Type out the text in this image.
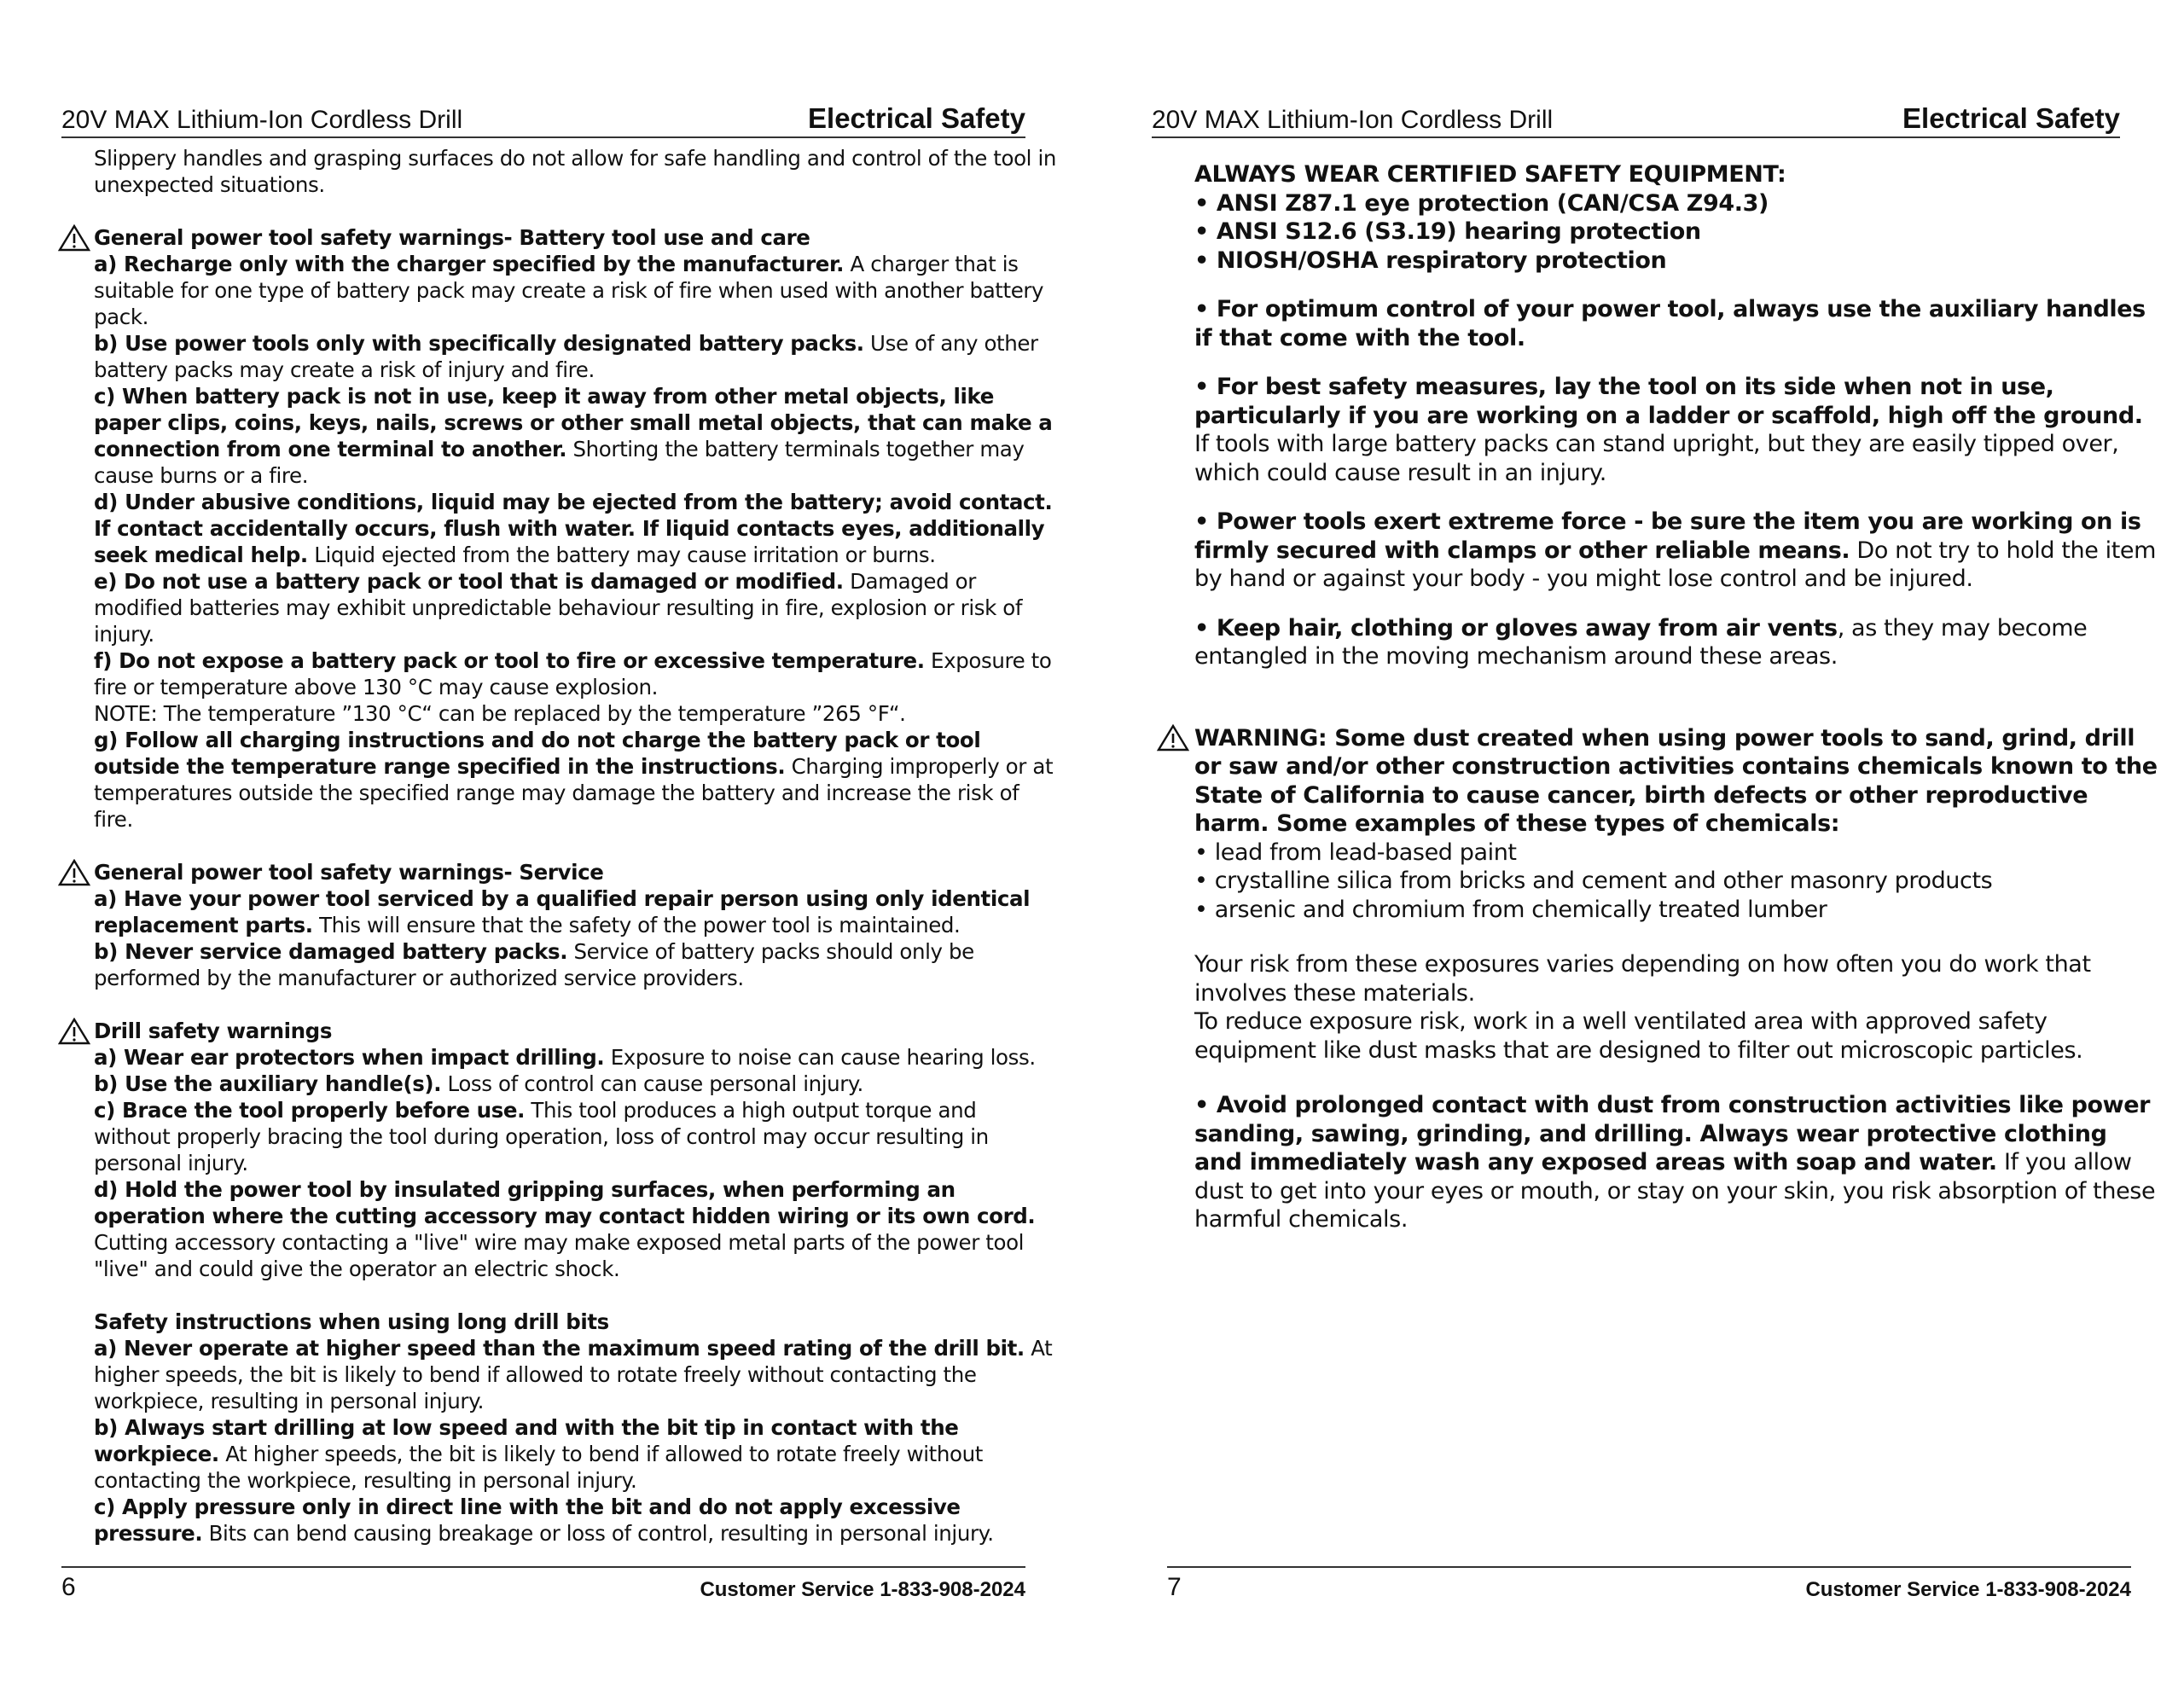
20V MAX Lithium-Ion Cordless Drill	Electrical Safety

Slippery handles and grasping surfaces do not allow for safe handling and control of the tool in unexpected situations.

General power tool safety warnings- Battery tool use and care

a) Recharge only with the charger specified by the manufacturer. A charger that is suitable for one type of battery pack may create a risk of fire when used with another battery pack.

b) Use power tools only with specifically designated battery packs. Use of any other battery packs may create a risk of injury and fire.

c) When battery pack is not in use, keep it away from other metal objects, like paper clips, coins, keys, nails, screws or other small metal objects, that can make a connection from one terminal to another. Shorting the battery terminals together may cause burns or a fire.

d) Under abusive conditions, liquid may be ejected from the battery; avoid contact. If contact accidentally occurs, flush with water. If liquid contacts eyes, additionally seek medical help. Liquid ejected from the battery may cause irritation or burns.

e) Do not use a battery pack or tool that is damaged or modified. Damaged or modified batteries may exhibit unpredictable behaviour resulting in fire, explosion or risk of injury.

f) Do not expose a battery pack or tool to fire or excessive temperature. Exposure to fire or temperature above 130 °C may cause explosion.

NOTE: The temperature ”130 °C“ can be replaced by the temperature ”265 °F“.

g) Follow all charging instructions and do not charge the battery pack or tool outside the temperature range specified in the instructions. Charging improperly or at temperatures outside the specified range may damage the battery and increase the risk of fire.

General power tool safety warnings- Service

a) Have your power tool serviced by a qualified repair person using only identical replacement parts. This will ensure that the safety of the power tool is maintained.

b) Never service damaged battery packs. Service of battery packs should only be performed by the manufacturer or authorized service providers.

Drill safety warnings

a) Wear ear protectors when impact drilling. Exposure to noise can cause hearing loss.

b) Use the auxiliary handle(s). Loss of control can cause personal injury.

c) Brace the tool properly before use. This tool produces a high output torque and without properly bracing the tool during operation, loss of control may occur resulting in personal injury.

d) Hold the power tool by insulated gripping surfaces, when performing an operation where the cutting accessory may contact hidden wiring or its own cord. Cutting accessory contacting a "live" wire may make exposed metal parts of the power tool "live" and could give the operator an electric shock.

Safety instructions when using long drill bits

a) Never operate at higher speed than the maximum speed rating of the drill bit. At higher speeds, the bit is likely to bend if allowed to rotate freely without contacting the workpiece, resulting in personal injury.

b) Always start drilling at low speed and with the bit tip in contact with the workpiece. At higher speeds, the bit is likely to bend if allowed to rotate freely without contacting the workpiece, resulting in personal injury.

c) Apply pressure only in direct line with the bit and do not apply excessive pressure. Bits can bend causing breakage or loss of control, resulting in personal injury.

6	Customer Service 1-833-908-2024
20V MAX Lithium-Ion Cordless Drill	Electrical Safety

ALWAYS WEAR CERTIFIED SAFETY EQUIPMENT:

• ANSI Z87.1 eye protection (CAN/CSA Z94.3)

• ANSI S12.6 (S3.19) hearing protection

• NIOSH/OSHA respiratory protection

• For optimum control of your power tool, always use the auxiliary handles if that come with the tool.

• For best safety measures, lay the tool on its side when not in use, particularly if you are working on a ladder or scaffold, high off the ground. If tools with large battery packs can stand upright, but they are easily tipped over, which could cause result in an injury.

• Power tools exert extreme force - be sure the item you are working on is firmly secured with clamps or other reliable means. Do not try to hold the item by hand or against your body - you might lose control and be injured.

• Keep hair, clothing or gloves away from air vents, as they may become entangled in the moving mechanism around these areas.

WARNING: Some dust created when using power tools to sand, grind, drill or saw and/or other construction activities contains chemicals known to the State of California to cause cancer, birth defects or other reproductive harm. Some examples of these types of chemicals:

• lead from lead-based paint

• crystalline silica from bricks and cement and other masonry products

• arsenic and chromium from chemically treated lumber

Your risk from these exposures varies depending on how often you do work that involves these materials.

To reduce exposure risk, work in a well ventilated area with approved safety equipment like dust masks that are designed to filter out microscopic particles.

• Avoid prolonged contact with dust from construction activities like power sanding, sawing, grinding, and drilling. Always wear protective clothing and immediately wash any exposed areas with soap and water. If you allow dust to get into your eyes or mouth, or stay on your skin, you risk absorption of these harmful chemicals.

7	Customer Service 1-833-908-2024
